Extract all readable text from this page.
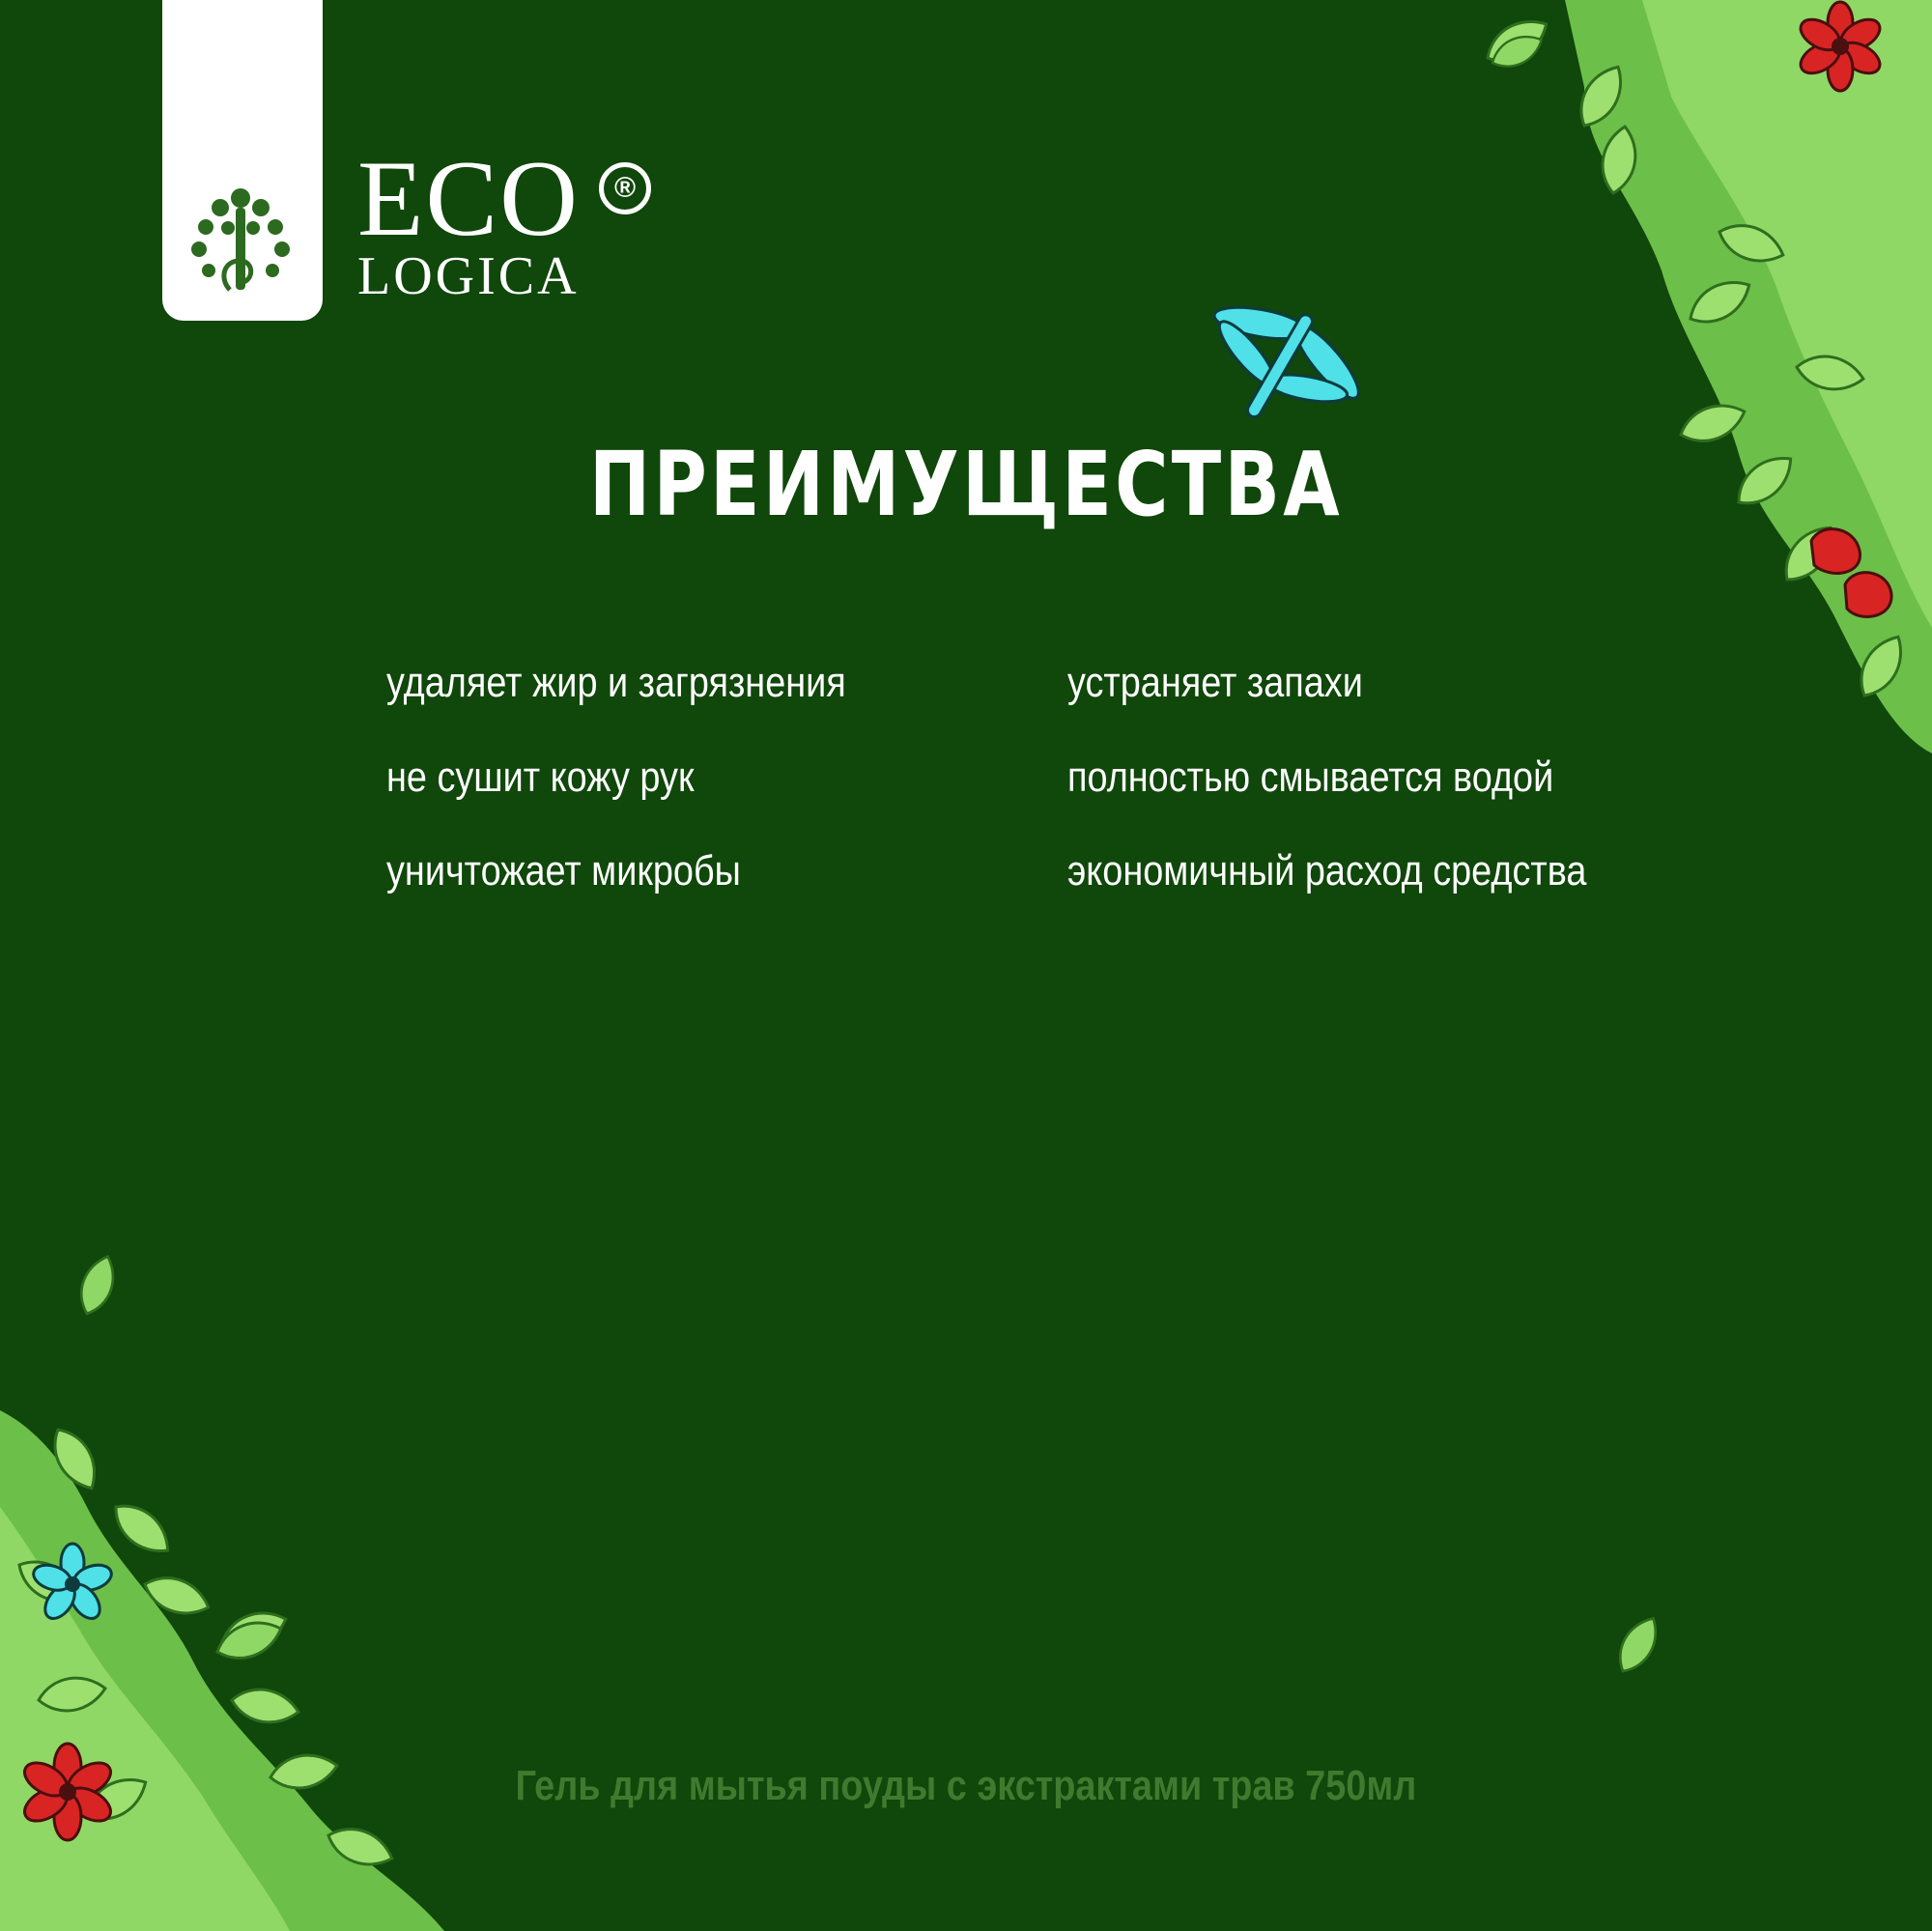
ECO
LOGICA
®
ПРЕИМУЩЕСТВА
удаляет жир и загрязнения
не сушит кожу рук
уничтожает микробы
устраняет запахи
полностью смывается водой
экономичный расход средства
Гель для мытья поуды с экстрактами трав 750мл
